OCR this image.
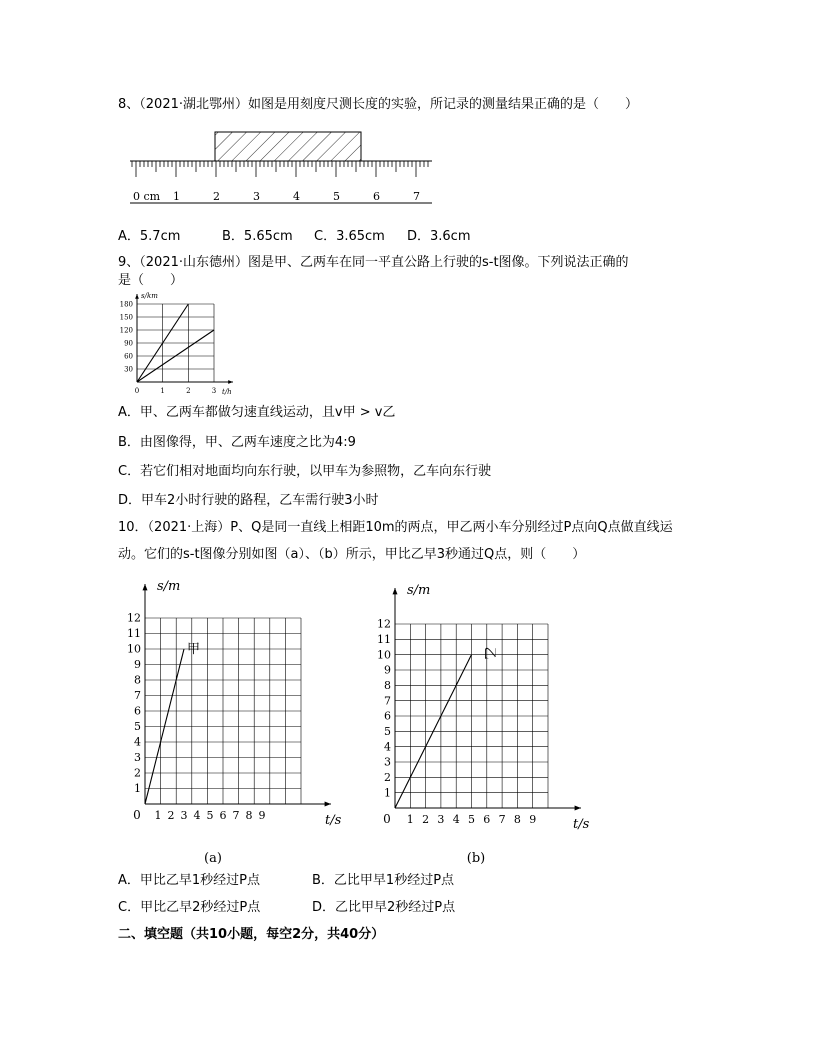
8、（2021·湖北鄂州）如图是用刻度尺测长度的实验，所记录的测量结果正确的是（　　）
0 cm 1	2	3	4	5	6	7
A．5.7cm	B．5.65cm C．3.65cm D．3.6cm
9、（2021·山东德州）图是甲、乙两车在同一平直公路上行驶的s-t图像。下列说法正确的
是（　　）
0	1	2	3
30
60
90
120
150
180
t/h
s/km
A．甲、乙两车都做匀速直线运动，且v甲 > v乙
B．由图像得，甲、乙两车速度之比为4:9
C．若它们相对地面均向东行驶，以甲车为参照物，乙车向东行驶
D．甲车2小时行驶的路程，乙车需行驶3小时
10．（2021·上海）P、Q是同一直线上相距10m的两点，甲乙两小车分别经过P点向Q点做直线运
动。它们的s-t图像分别如图（a）、（b）所示，甲比乙早3秒通过Q点，则（　　）
1 2 3 4 5 6 7 8 9
1
2
3
4
5
6
7
8
9
10
11
12
0	t/s
s/m
甲
(a)
1 2 3 4 5 6 7 8 9
1
2
3
4
5
6
7
8
9
10
11
12
0	t/s
s/m
乙
(b)
A．甲比乙早1秒经过P点	B．乙比甲早1秒经过P点
C．甲比乙早2秒经过P点	D．乙比甲早2秒经过P点
二、填空题（共10小题，每空2分，共40分）
